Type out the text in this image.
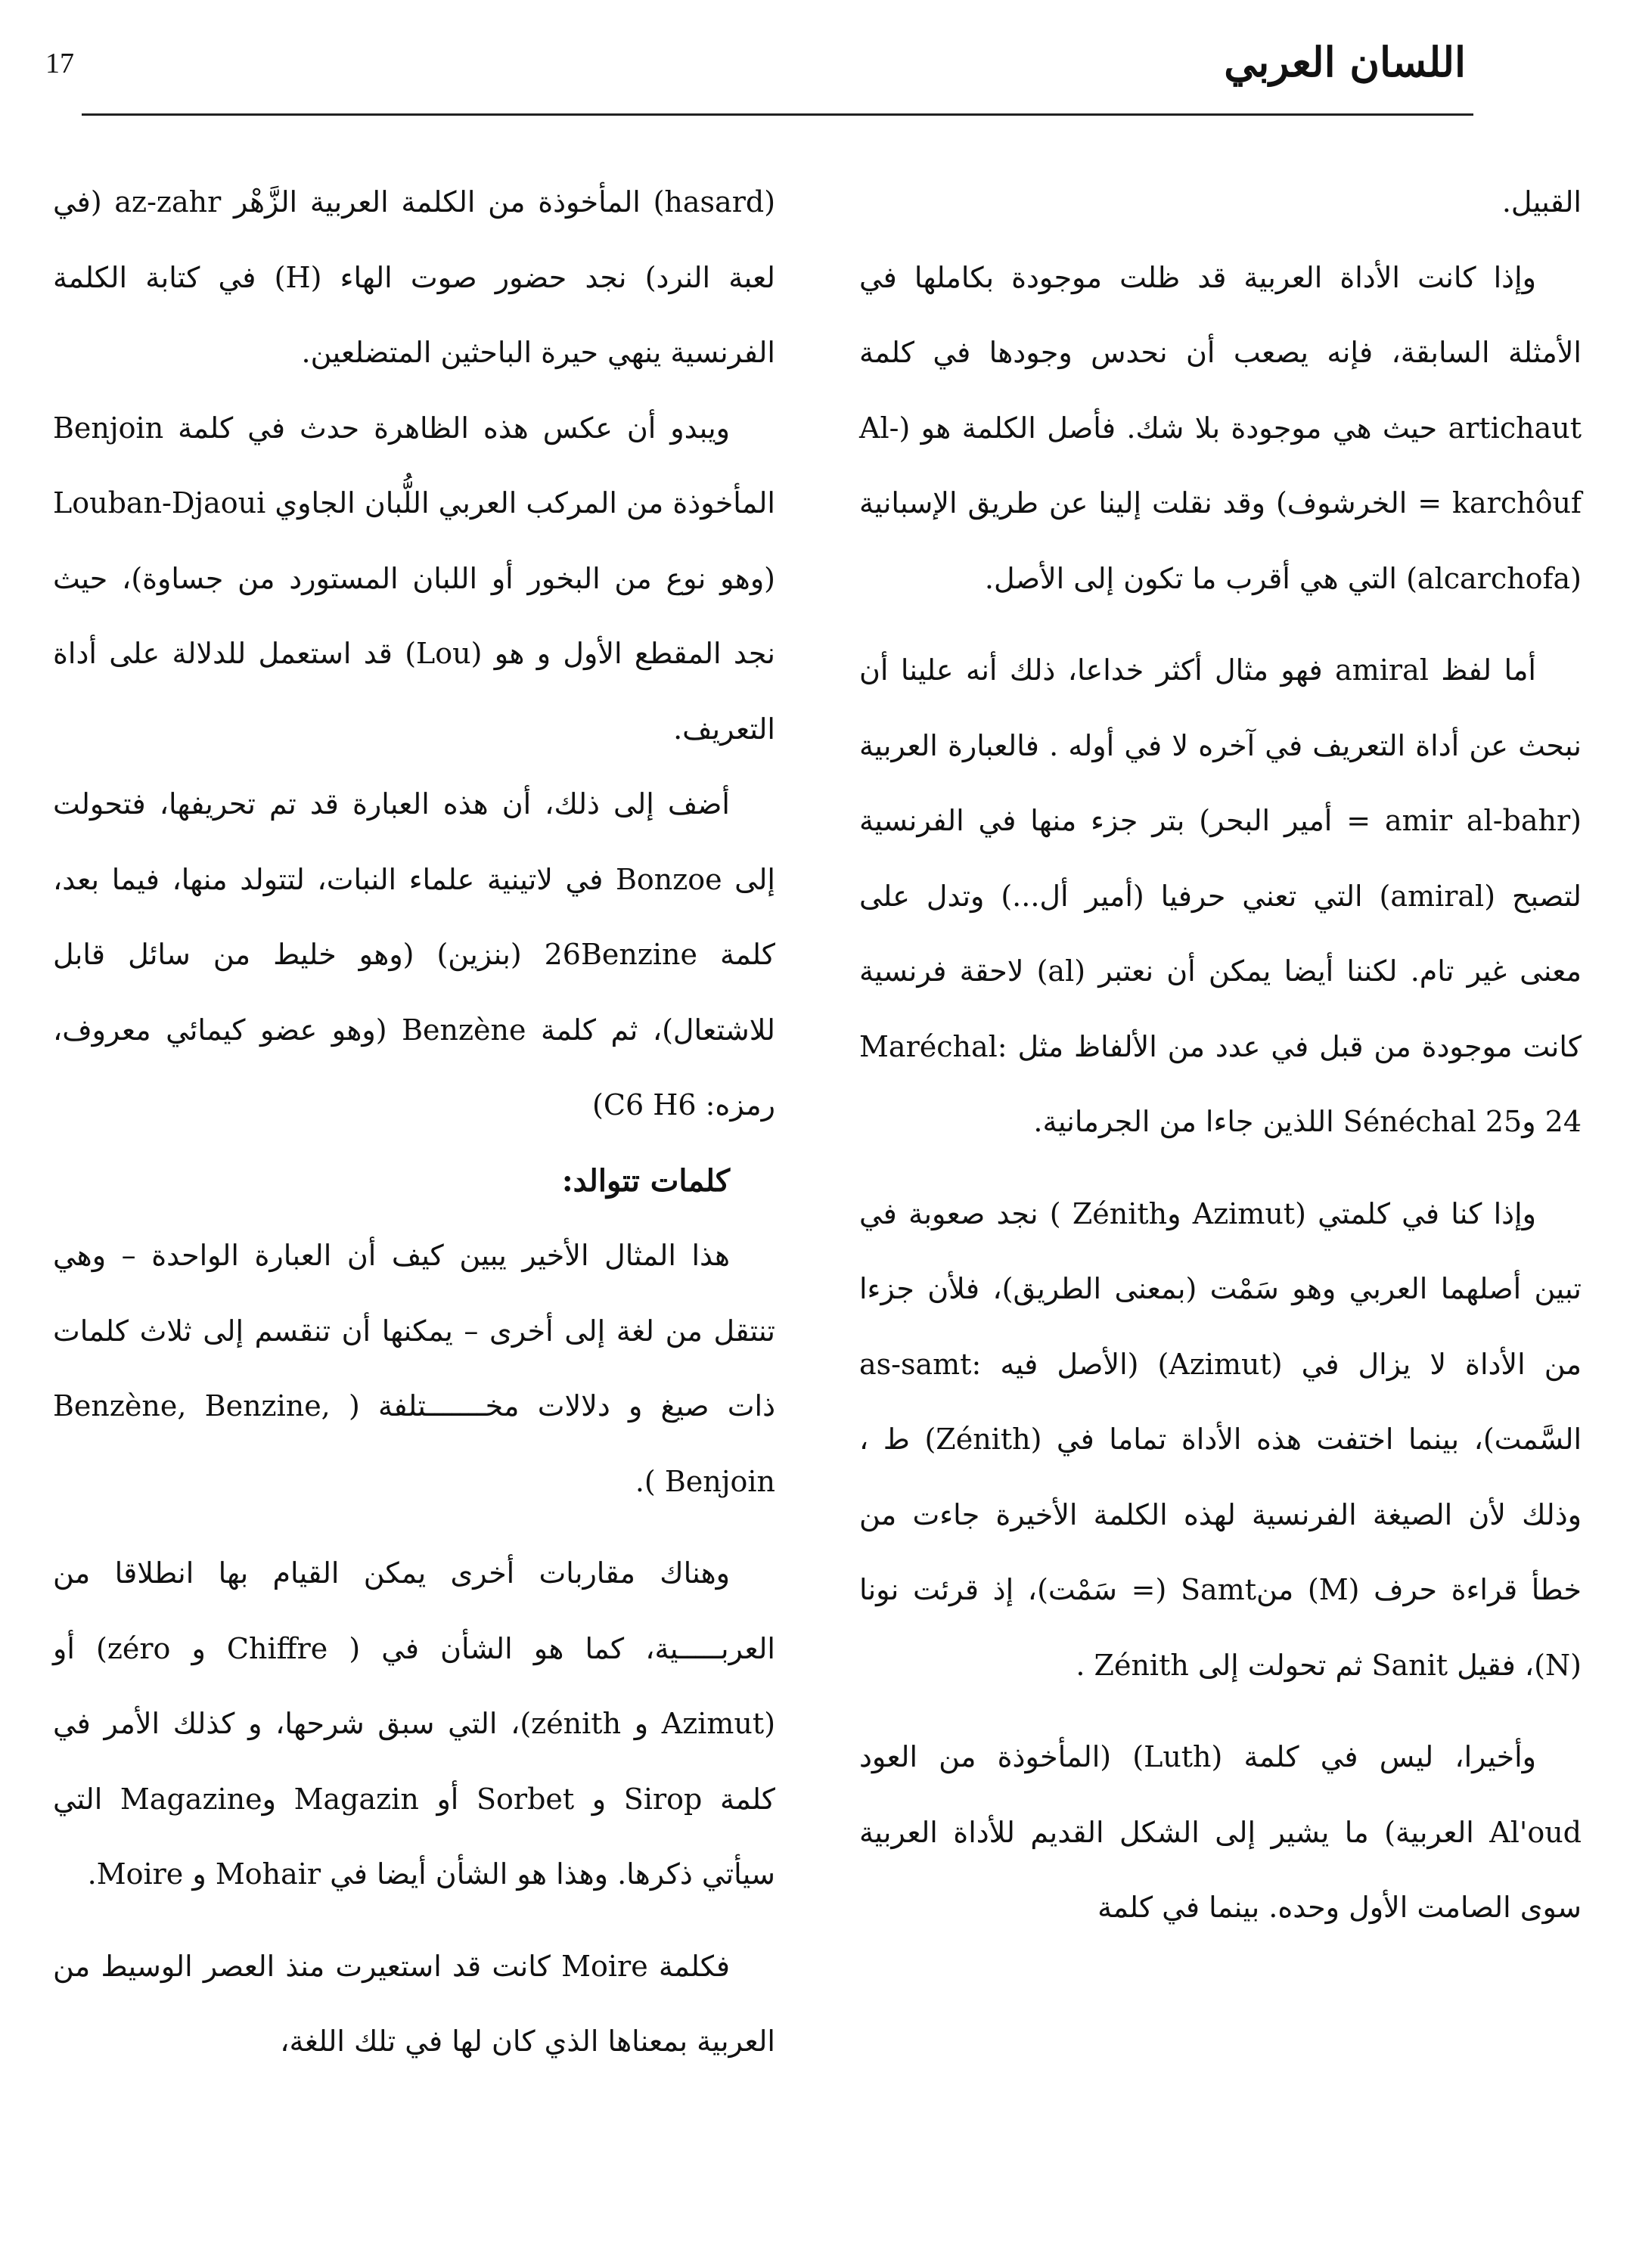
17	اللسان العربي

القبيل.

وإذا كانت الأداة العربية قد ظلت موجودة بكاملها في الأمثلة السابقة، فإنه يصعب أن نحدس وجودها في كلمة artichaut حيث هي موجودة بلا شك. فأصل الكلمة هو (Al-karchôuf = الخرشوف) وقد نقلت إلينا عن طريق الإسبانية (alcarchofa) التي هي أقرب ما تكون إلى الأصل.

أما لفظ amiral فهو مثال أكثر خداعا، ذلك أنه علينا أن نبحث عن أداة التعريف في آخره لا في أوله . فالعبارة العربية (amir al-bahr = أمير البحر) بتر جزء منها في الفرنسية لتصبح (amiral) التي تعني حرفيا (أمير أل...) وتدل على معنى غير تام. لكننا أيضا يمكن أن نعتبر (al) لاحقة فرنسية كانت موجودة من قبل في عدد من الألفاظ مثل :Maréchal 24 وSénéchal 25 اللذين جاءا من الجرمانية.

وإذا كنا في كلمتي (Azimut وZénith ) نجد صعوبة في تبين أصلهما العربي وهو سَمْت (بمعنى الطريق)، فلأن جزءا من الأداة لا يزال في (Azimut) (الأصل فيه :as-samt السَّمت)، بينما اختفت هذه الأداة تماما في (Zénith) ط ، وذلك لأن الصيغة الفرنسية لهذه الكلمة الأخيرة جاءت من خطأ قراءة حرف (M) منSamt (= سَمْت)، إذ قرئت نونا (N)، فقيل Sanit ثم تحولت إلى Zénith .

وأخيرا، ليس في كلمة (Luth) (المأخوذة من العود Al'oud العربية) ما يشير إلى الشكل القديم للأداة العربية سوى الصامت الأول وحده. بينما في كلمة

(hasard) المأخوذة من الكلمة العربية الزَّهْر az-zahr (في لعبة النرد) نجد حضور صوت الهاء (H) في كتابة الكلمة الفرنسية ينهي حيرة الباحثين المتضلعين.

ويبدو أن عكس هذه الظاهرة حدث في كلمة Benjoin المأخوذة من المركب العربي اللُّبان الجاوي Louban-Djaoui (وهو نوع من البخور أو اللبان المستورد من جساوة)، حيث نجد المقطع الأول و هو (Lou) قد استعمل للدلالة على أداة التعريف.

أضف إلى ذلك، أن هذه العبارة قد تم تحريفها، فتحولت إلى Bonzoe في لاتينية علماء النبات، لتتولد منها، فيما بعد، كلمة 26Benzine (بنزين) (وهو خليط من سائل قابل للاشتعال)، ثم كلمة Benzène (وهو عضو كيمائي معروف، رمزه: C6 H6)

كلمات تتوالد:

هذا المثال الأخير يبين كيف أن العبارة الواحدة – وهي تنتقل من لغة إلى أخرى – يمكنها أن تنقسم إلى ثلاث كلمات ذات صيغ و دلالات مخـــــــتلفة ( Benzène, Benzine, Benjoin ).

وهناك مقاربات أخرى يمكن القيام بها انطلاقا من العربـــــية، كما هو الشأن في ( Chiffre و zéro) أو (Azimut و zénith)، التي سبق شرحها، و كذلك الأمر في كلمة Sirop و Sorbet أو Magazin وMagazine التي سيأتي ذكرها. وهذا هو الشأن أيضا في Mohair و Moire.

فكلمة Moire كانت قد استعيرت منذ العصر الوسيط من العربية بمعناها الذي كان لها في تلك اللغة،
